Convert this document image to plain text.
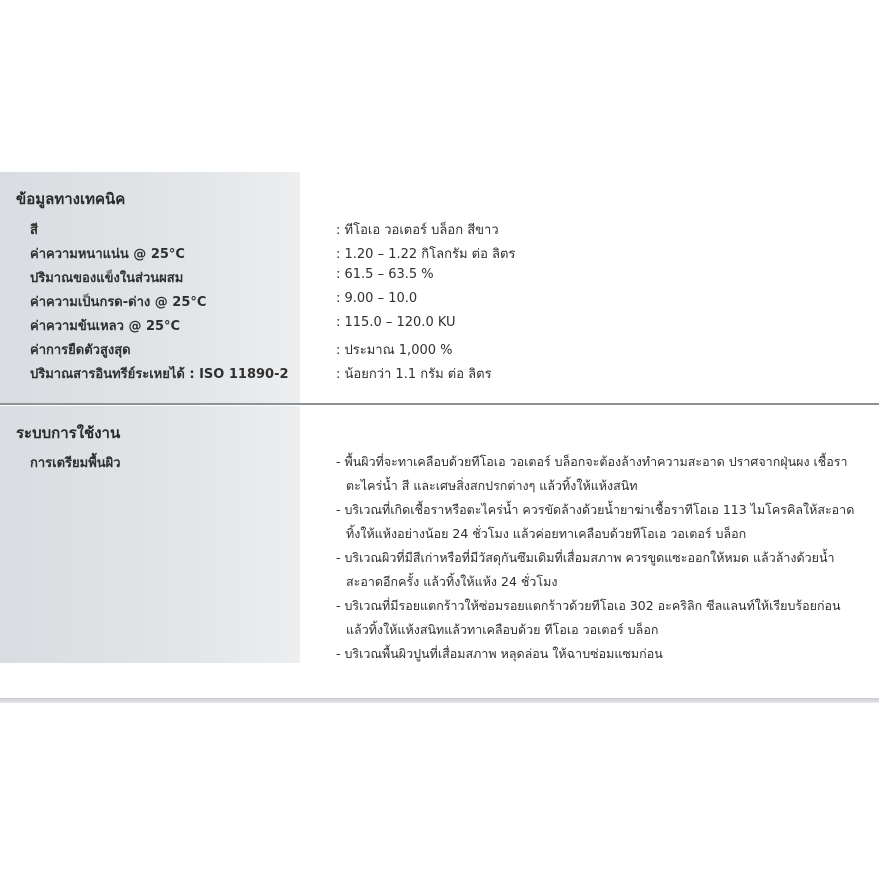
ข้อมูลทางเทคนิค
สี	: ทีโอเอ วอเตอร์ บล็อก สีขาว
ค่าความหนาแน่น @ 25°C	: 1.20 – 1.22 กิโลกรัม ต่อ ลิตร
ปริมาณของแข็งในส่วนผสม	: 61.5 – 63.5 %
ค่าความเป็นกรด-ด่าง @ 25°C	: 9.00 – 10.0
ค่าความข้นเหลว @ 25°C	: 115.0 – 120.0 KU
ค่าการยืดตัวสูงสุด	: ประมาณ 1,000 %
ปริมาณสารอินทรีย์ระเหยได้ : ISO 11890-2	: น้อยกว่า 1.1 กรัม ต่อ ลิตร
ระบบการใช้งาน
การเตรียมพื้นผิว	- พื้นผิวที่จะทาเคลือบด้วยทีโอเอ วอเตอร์ บล็อกจะต้องล้างทำความสะอาด ปราศจากฝุ่นผง เชื้อรา
ตะไคร่น้ำ สี และเศษสิ่งสกปรกต่างๆ แล้วทิ้งให้แห้งสนิท
- บริเวณที่เกิดเชื้อราหรือตะไคร่น้ำ ควรขัดล้างด้วยน้ำยาฆ่าเชื้อราทีโอเอ 113 ไมโครคิลให้สะอาด
ทิ้งให้แห้งอย่างน้อย 24 ชั่วโมง แล้วค่อยทาเคลือบด้วยทีโอเอ วอเตอร์ บล็อก
- บริเวณผิวที่มีสีเก่าหรือที่มีวัสดุกันซึมเดิมที่เสื่อมสภาพ ควรขูดแซะออกให้หมด แล้วล้างด้วยน้ำ
สะอาดอีกครั้ง แล้วทิ้งให้แห้ง 24 ชั่วโมง
- บริเวณที่มีรอยแตกร้าวให้ซ่อมรอยแตกร้าวด้วยทีโอเอ 302 อะคริลิก ซีลแลนท์ให้เรียบร้อยก่อน
แล้วทิ้งให้แห้งสนิทแล้วทาเคลือบด้วย ทีโอเอ วอเตอร์ บล็อก
- บริเวณพื้นผิวปูนที่เสื่อมสภาพ หลุดล่อน ให้ฉาบซ่อมแซมก่อน
